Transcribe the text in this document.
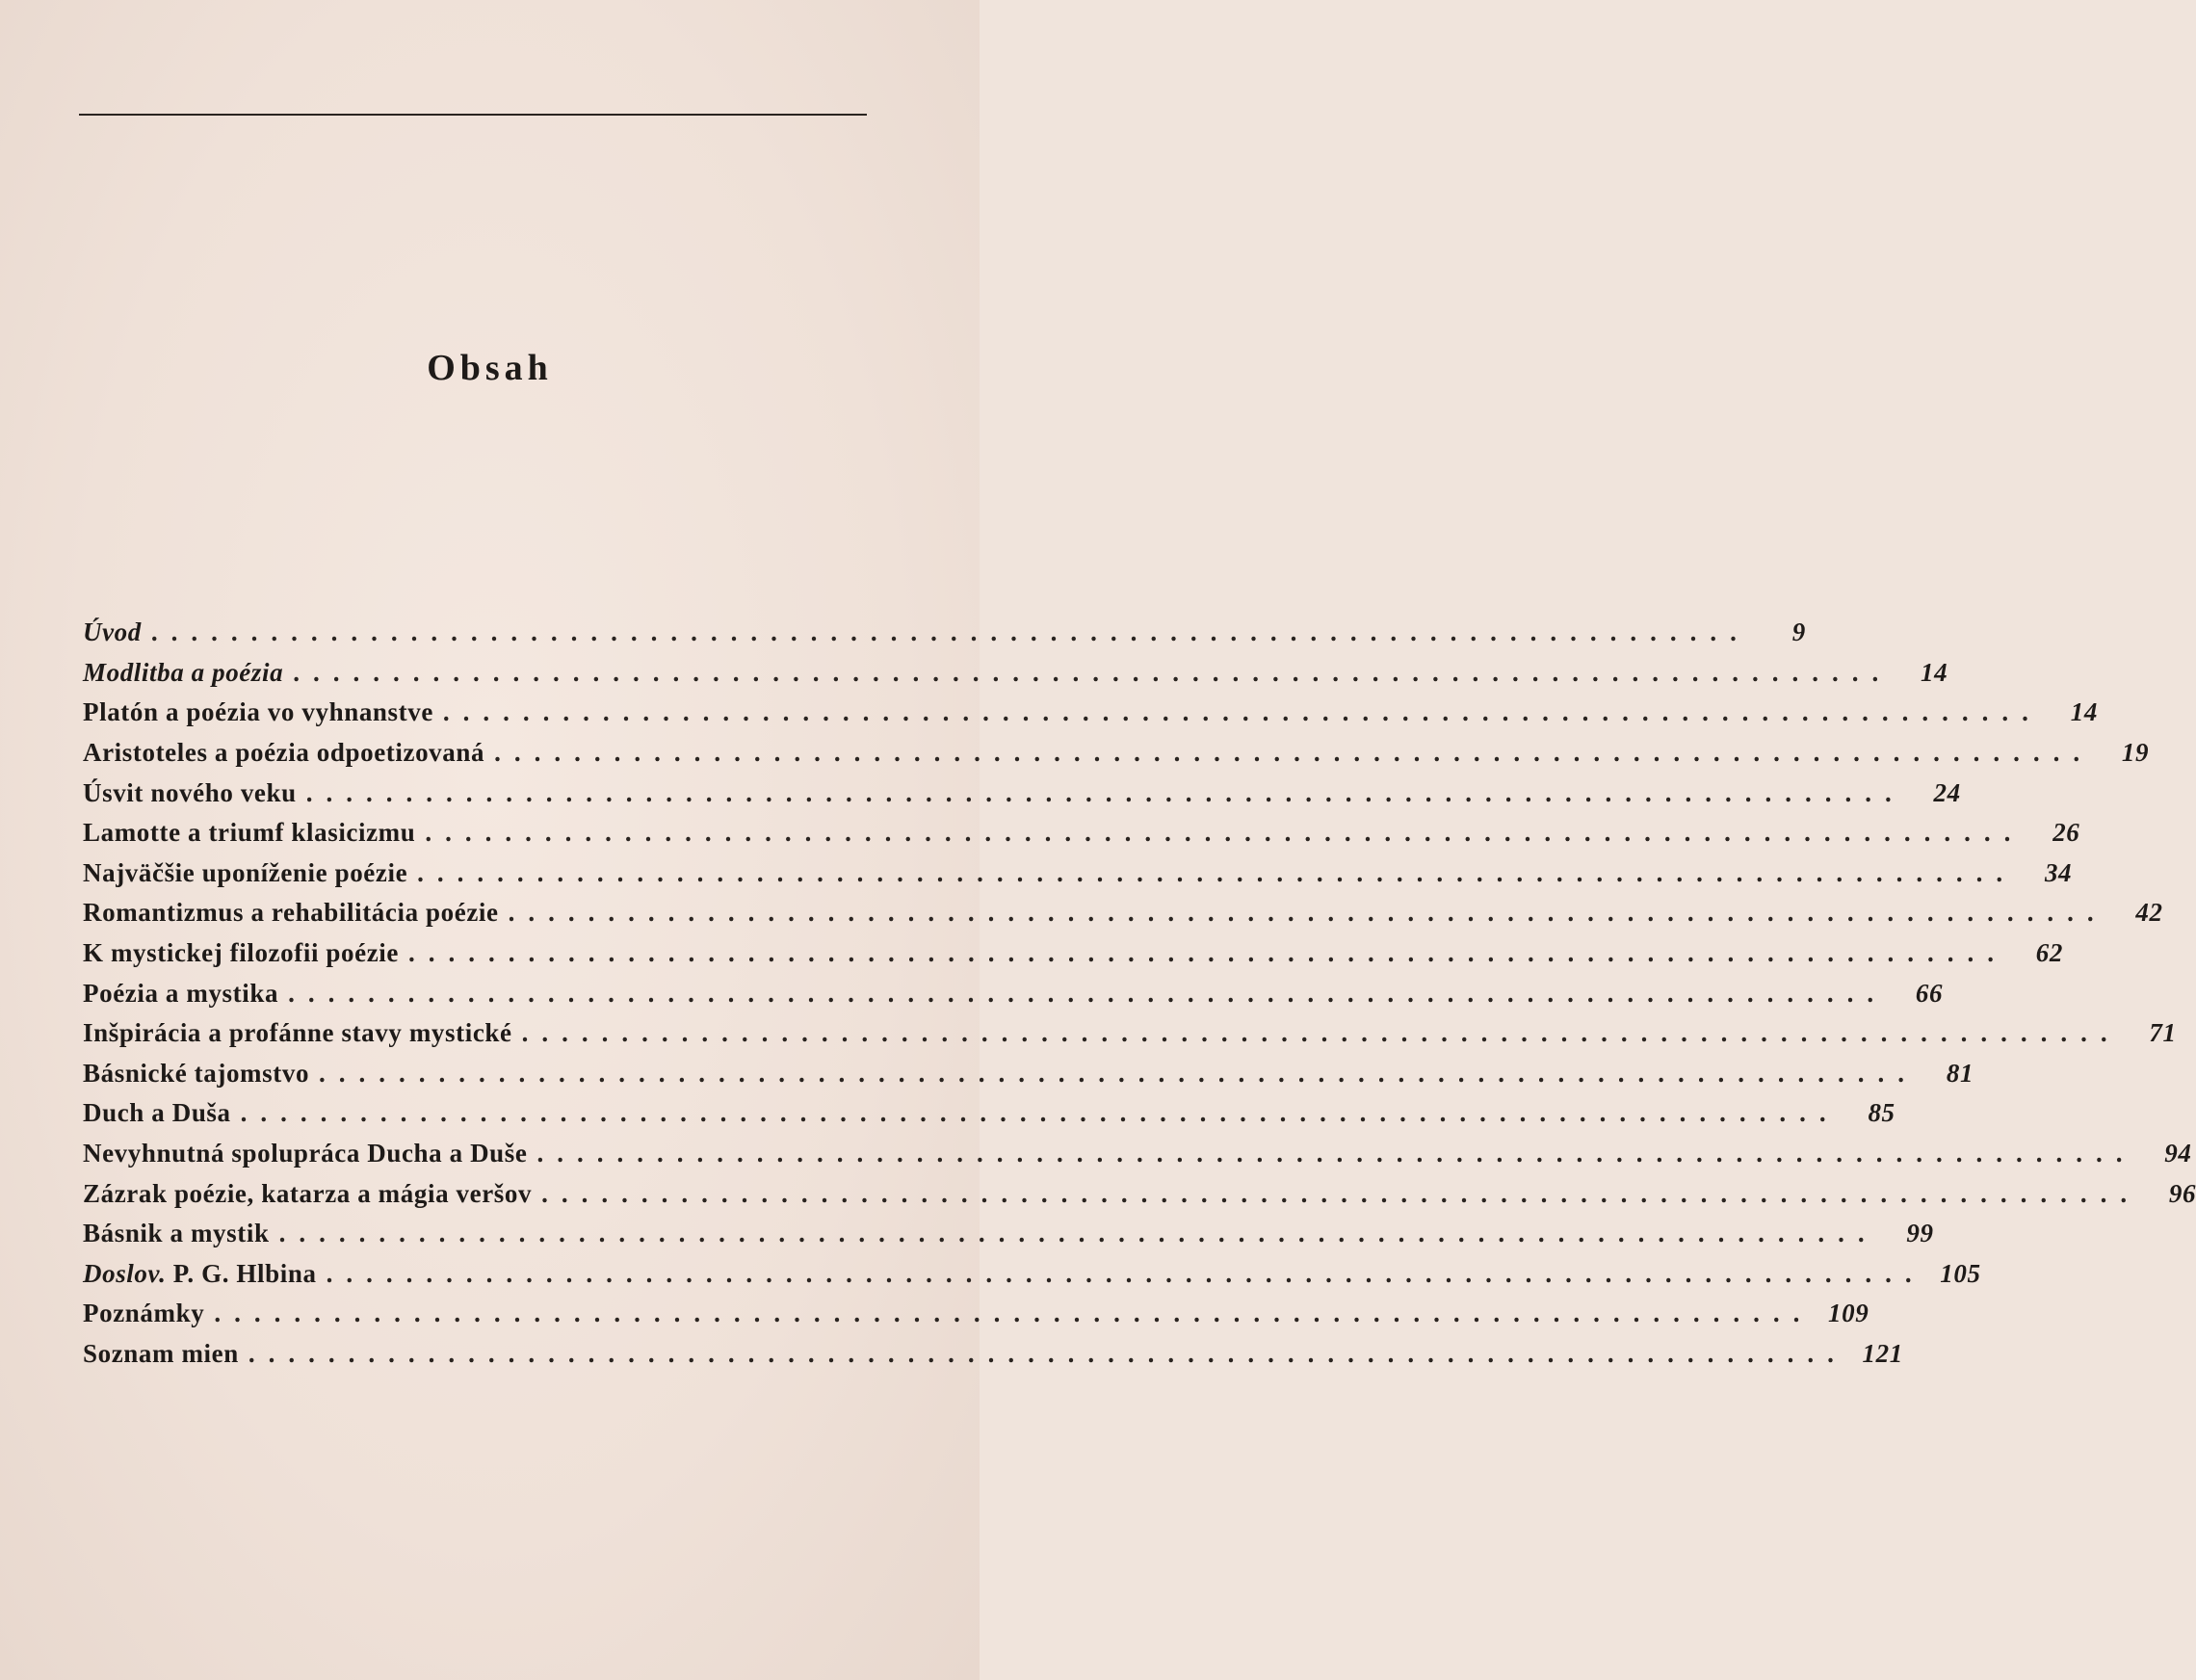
Obsah
Úvod ................................................................................	9
Modlitba a poézia ................................................................................	14
Platón a poézia vo vyhnanstve ................................................................................	14
Aristoteles a poézia odpoetizovaná ................................................................................	19
Úsvit nového veku ................................................................................	24
Lamotte a triumf klasicizmu ................................................................................	26
Najväčšie uponíženie poézie ................................................................................	34
Romantizmus a rehabilitácia poézie ................................................................................	42
K mystickej filozofii poézie ................................................................................	62
Poézia a mystika ................................................................................	66
Inšpirácia a profánne stavy mystické ................................................................................	71
Básnické tajomstvo ................................................................................	81
Duch a Duša ................................................................................	85
Nevyhnutná spolupráca Ducha a Duše ................................................................................	94
Zázrak poézie, katarza a mágia veršov ................................................................................	96
Básnik a mystik ................................................................................	99
Doslov. P. G. Hlbina ................................................................................ 105
Poznámky ................................................................................ 109
Soznam mien ................................................................................ 121
